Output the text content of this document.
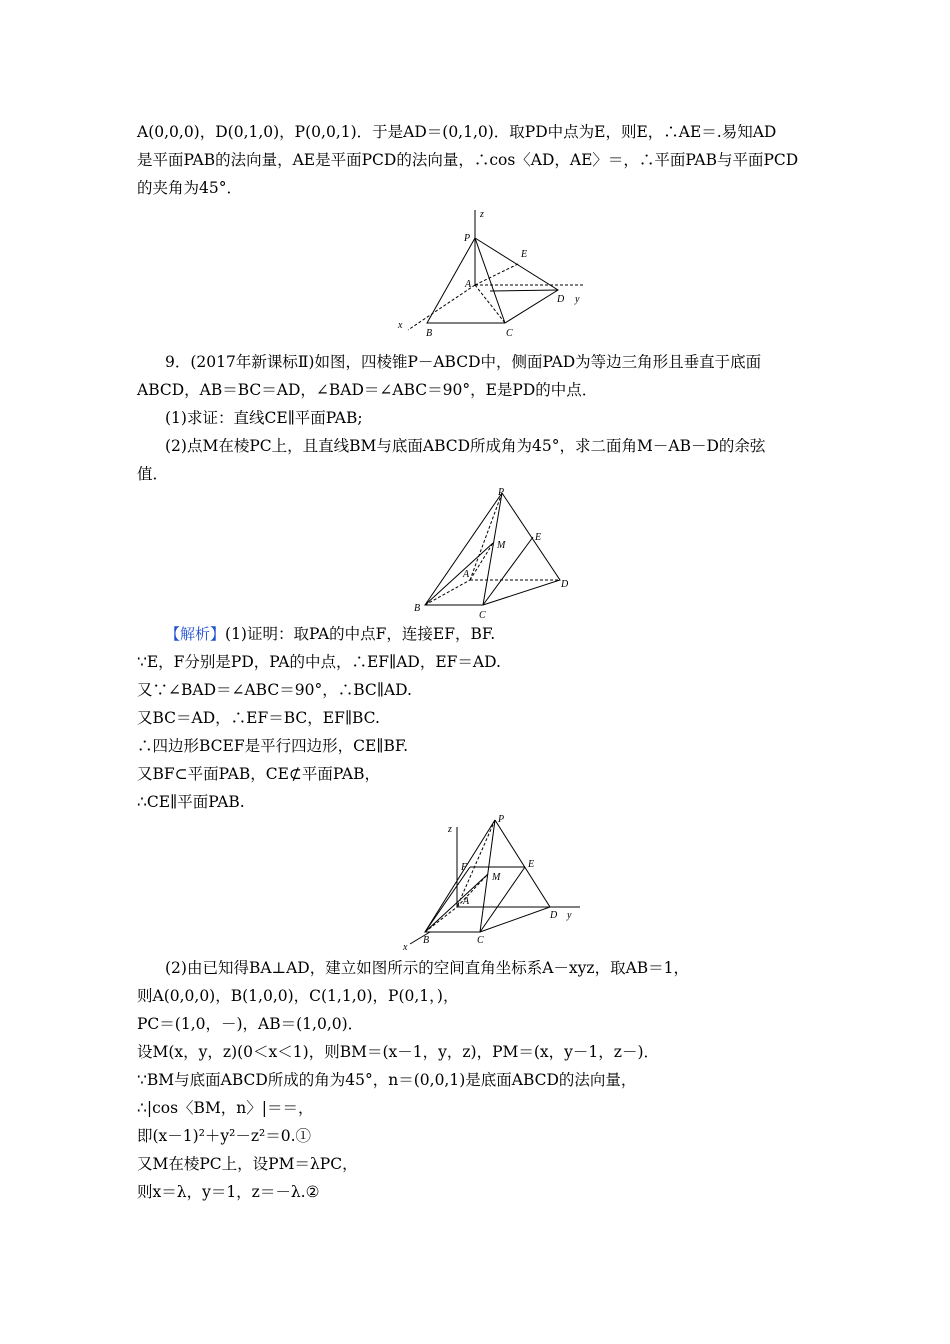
A(0,0,0)，D(0,1,0)，P(0,0,1)．于是AD＝(0,1,0)．取PD中点为E，则E，∴AE＝.易知AD
是平面PAB的法向量，AE是平面PCD的法向量，∴cos〈AD，AE〉＝，∴平面PAB与平面PCD
的夹角为45°．
z
P
E
A
D y
x
B	C
9．(2017年新课标Ⅱ)如图，四棱锥P－ABCD中，侧面PAD为等边三角形且垂直于底面
ABCD，AB＝BC＝AD，∠BAD＝∠ABC＝90°，E是PD的中点．
(1)求证：直线CE∥平面PAB;
(2)点M在棱PC上，且直线BM与底面ABCD所成角为45°，求二面角M－AB－D的余弦
值．
P
M
E
A
D
B
C
【解析】(1)证明：取PA的中点F，连接EF，BF.
∵E，F分别是PD，PA的中点，∴EF∥AD，EF＝AD.
又∵∠BAD＝∠ABC＝90°，∴BC∥AD.
又BC＝AD，∴EF＝BC，EF∥BC.
∴四边形BCEF是平行四边形，CE∥BF.
又BF⊂平面PAB，CE⊄平面PAB，
∴CE∥平面PAB.
z
P
F	E
M
A
D y
B	C
x
(2)由已知得BA⊥AD，建立如图所示的空间直角坐标系A－xyz，取AB＝1，
则A(0,0,0)，B(1,0,0)，C(1,1,0)，P(0,1，)，
PC＝(1,0，－)，AB＝(1,0,0)．
设M(x，y，z)(0＜x＜1)，则BM＝(x－1，y，z)，PM＝(x，y－1，z－)．
∵BM与底面ABCD所成的角为45°，n＝(0,0,1)是底面ABCD的法向量，
∴|cos〈BM，n〉|＝＝，
即(x－1)²＋y²－z²＝0.①
又M在棱PC上，设PM＝λPC，
则x＝λ，y＝1，z＝－λ.②
